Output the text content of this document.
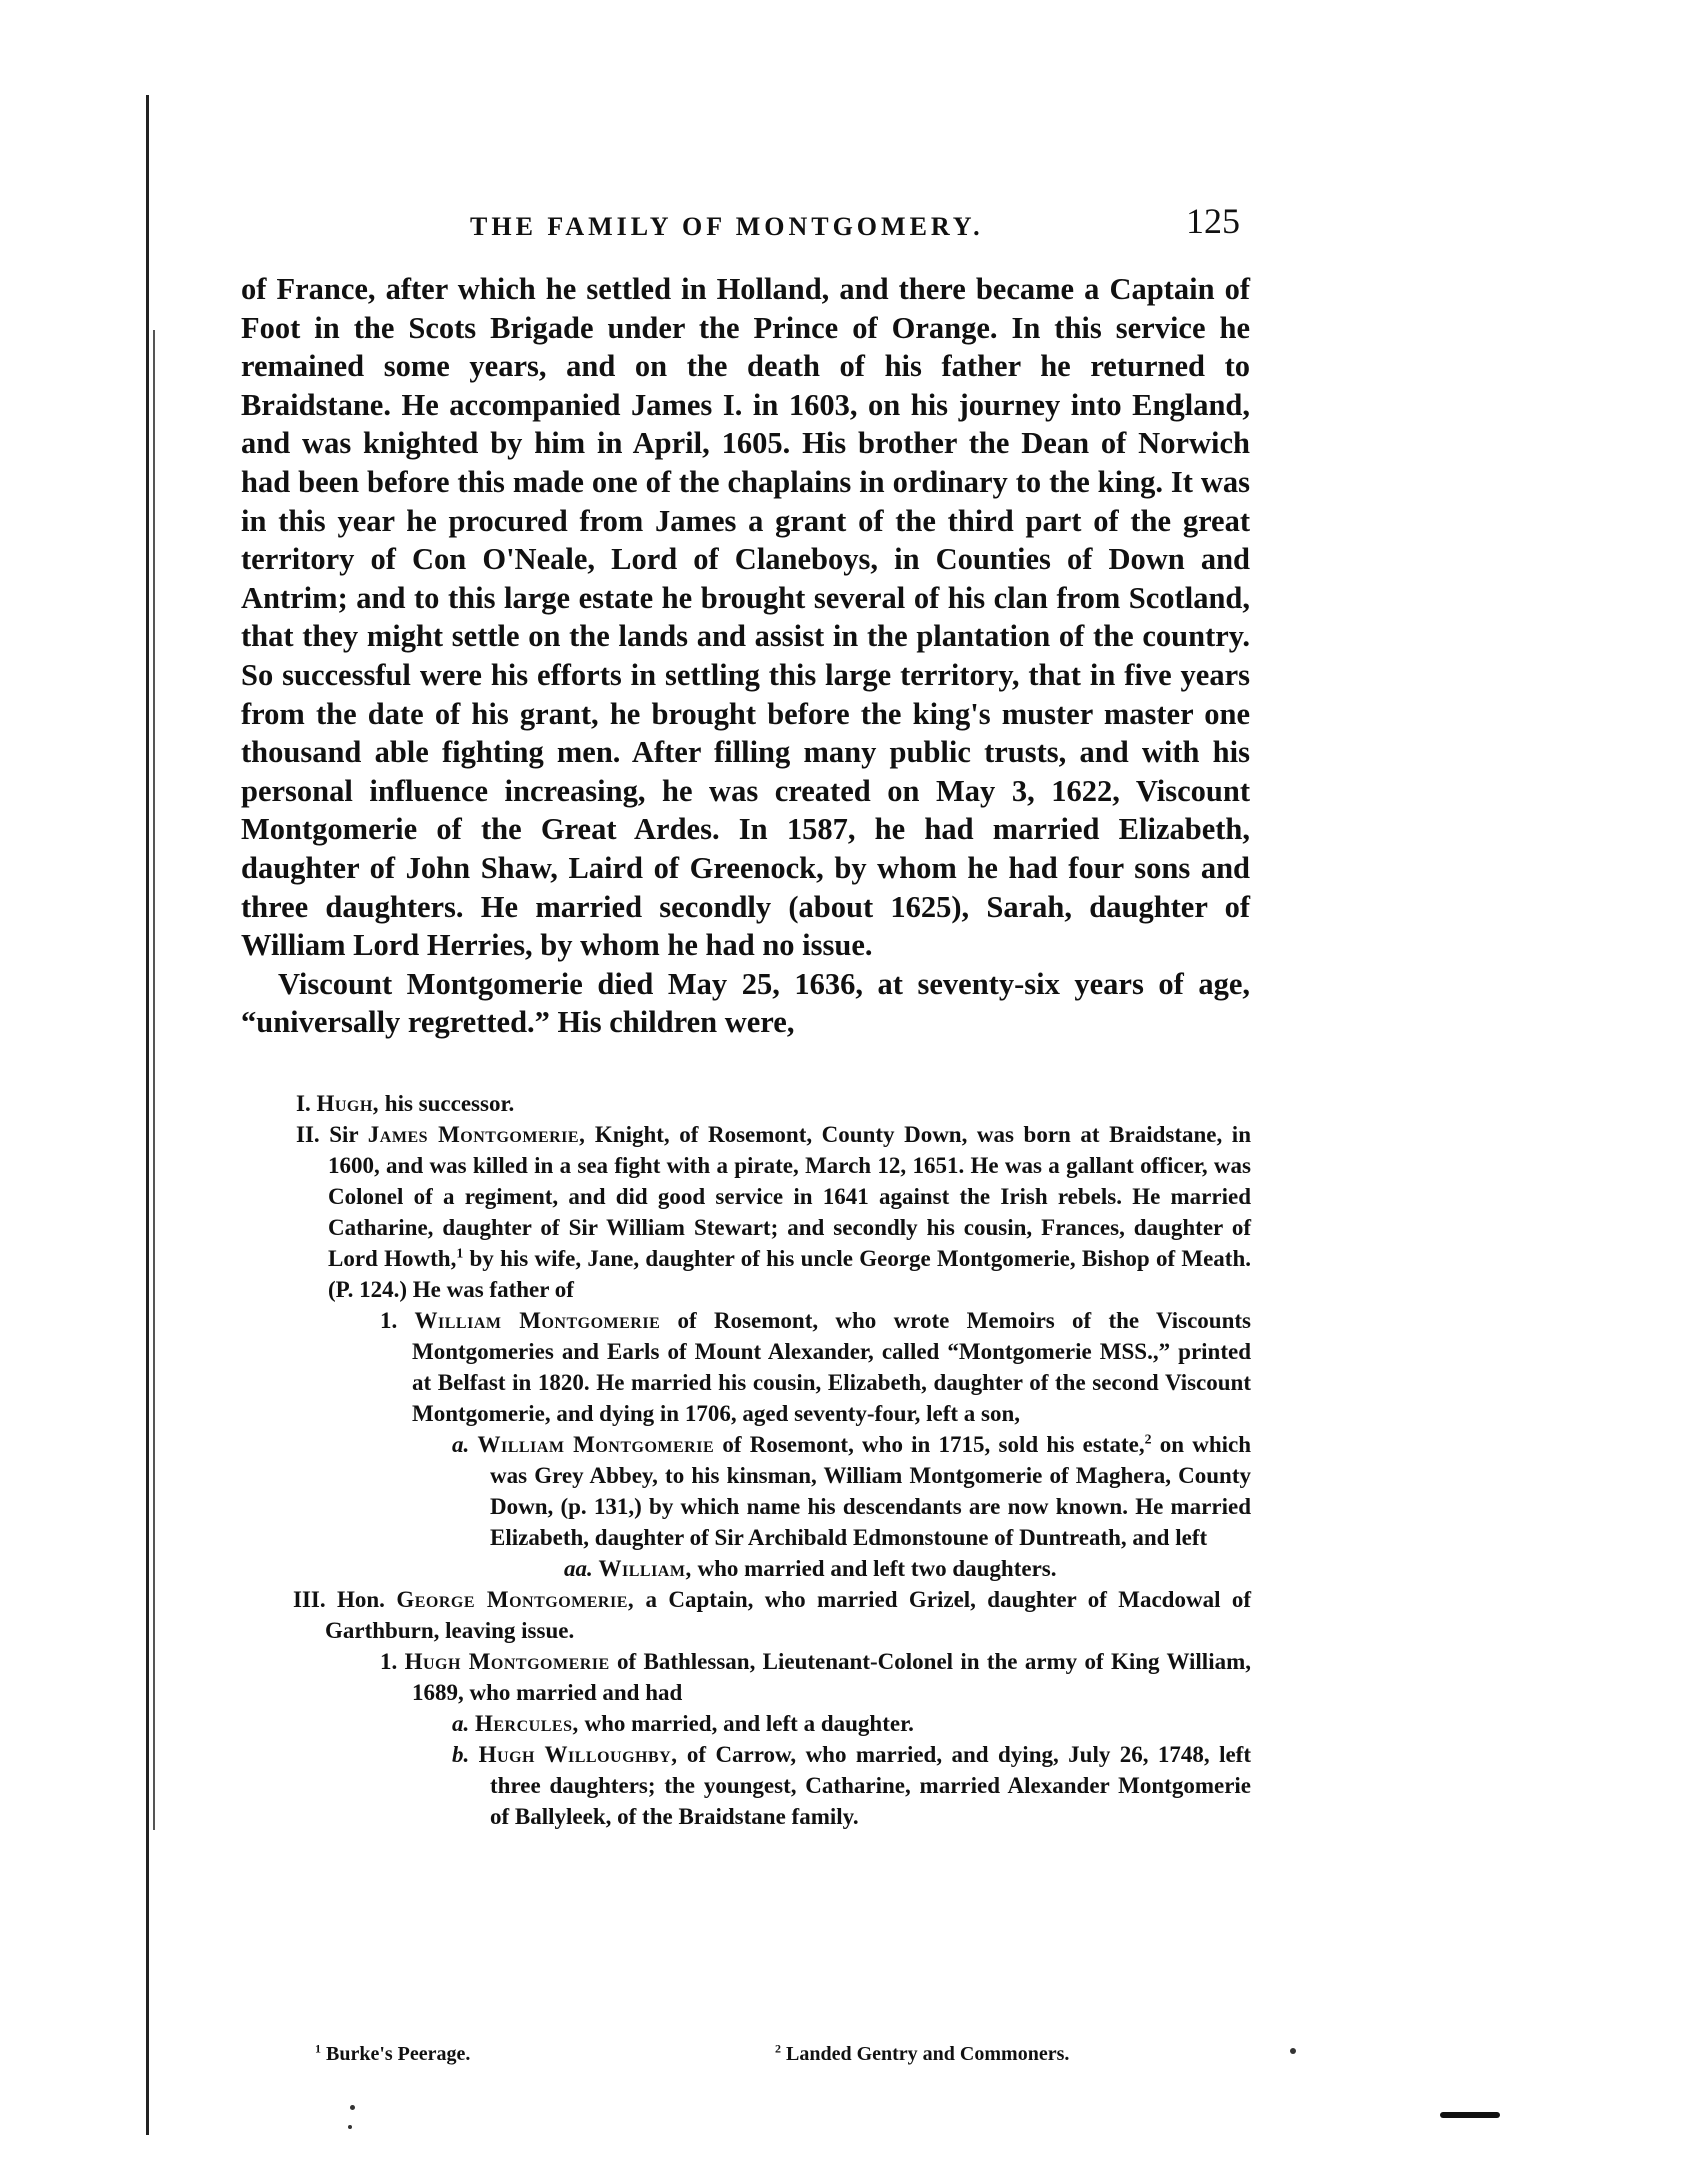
THE FAMILY OF MONTGOMERY.	125

of France, after which he settled in Holland, and there became a Captain of Foot in the Scots Brigade under the Prince of Orange. In this service he remained some years, and on the death of his father he returned to Braidstane. He accompanied James I. in 1603, on his journey into England, and was knighted by him in April, 1605. His brother the Dean of Norwich had been before this made one of the chaplains in ordinary to the king. It was in this year he procured from James a grant of the third part of the great territory of Con O'Neale, Lord of Claneboys, in Counties of Down and Antrim; and to this large estate he brought several of his clan from Scotland, that they might settle on the lands and assist in the plantation of the country. So successful were his efforts in settling this large territory, that in five years from the date of his grant, he brought before the king's muster master one thousand able fighting men. After filling many public trusts, and with his personal influence increasing, he was created on May 3, 1622, Viscount Montgomerie of the Great Ardes. In 1587, he had married Elizabeth, daughter of John Shaw, Laird of Greenock, by whom he had four sons and three daughters. He married secondly (about 1625), Sarah, daughter of William Lord Herries, by whom he had no issue.

Viscount Montgomerie died May 25, 1636, at seventy-six years of age, “universally regretted.” His children were,

I. Hugh, his successor.
II. Sir James Montgomerie, Knight, of Rosemont, County Down, was born at Braidstane, in 1600, and was killed in a sea fight with a pirate, March 12, 1651. He was a gallant officer, was Colonel of a regiment, and did good service in 1641 against the Irish rebels. He married Catharine, daughter of Sir William Stewart; and secondly his cousin, Frances, daughter of Lord Howth,$^1$ by his wife, Jane, daughter of his uncle George Montgomerie, Bishop of Meath. (P. 124.) He was father of
1. William Montgomerie of Rosemont, who wrote Memoirs of the Viscounts Montgomeries and Earls of Mount Alexander, called “Montgomerie MSS.,” printed at Belfast in 1820. He married his cousin, Elizabeth, daughter of the second Viscount Montgomerie, and dying in 1706, aged seventy-four, left a son,
a. William Montgomerie of Rosemont, who in 1715, sold his estate,$^2$ on which was Grey Abbey, to his kinsman, William Montgomerie of Maghera, County Down, (p. 131,) by which name his descendants are now known. He married Elizabeth, daughter of Sir Archibald Edmonstoune of Duntreath, and left
aa. William, who married and left two daughters.
III. Hon. George Montgomerie, a Captain, who married Grizel, daughter of Macdowal of Garthburn, leaving issue.
1. Hugh Montgomerie of Bathlessan, Lieutenant-Colonel in the army of King William, 1689, who married and had
a. Hercules, who married, and left a daughter.
b. Hugh Willoughby, of Carrow, who married, and dying, July 26, 1748, left three daughters; the youngest, Catharine, married Alexander Montgomerie of Ballyleek, of the Braidstane family.
$^1$ Burke's Peerage.	$^2$ Landed Gentry and Commoners.
